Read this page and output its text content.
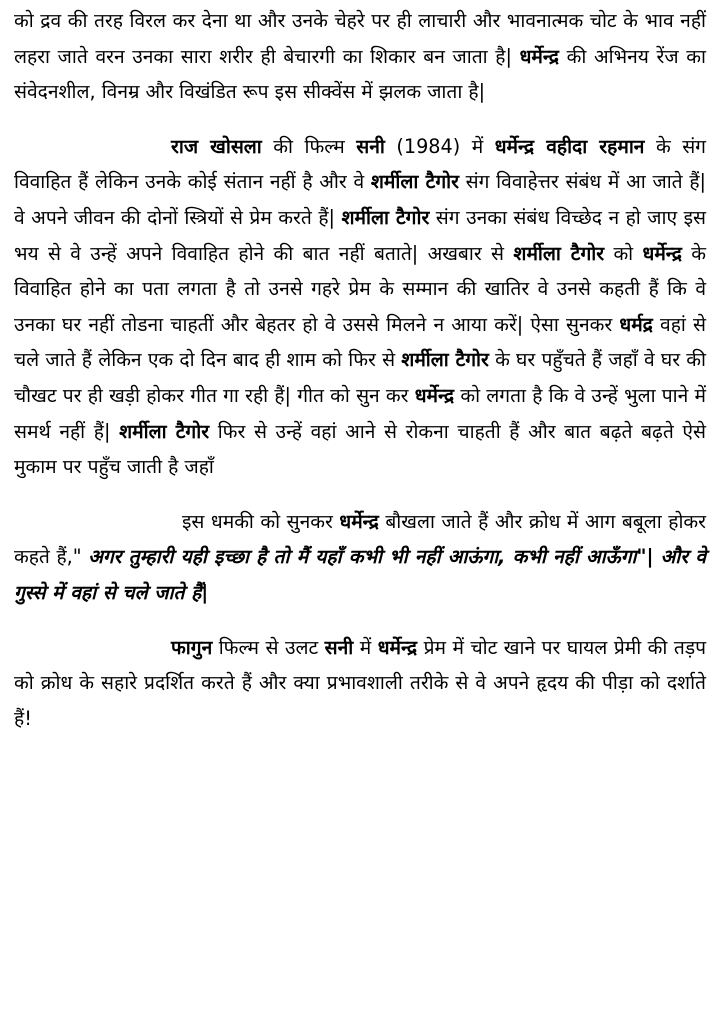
को द्रव की तरह विरल कर देना था और उनके चेहरे पर ही लाचारी और भावनात्मक चोट के भाव नहीं लहरा जाते वरन उनका सारा शरीर ही बेचारगी का शिकार बन जाता है| धर्मेन्द्र की अभिनय रेंज का संवेदनशील, विनम्र और विखंडित रूप इस सीक्वेंस में झलक जाता है|

राज खोसला की फिल्म सनी (1984) में धर्मेन्द्र वहीदा रहमान के संग विवाहित हैं लेकिन उनके कोई संतान नहीं है और वे शर्मीला टैगोर संग विवाहेत्तर संबंध में आ जाते हैं| वे अपने जीवन की दोनों स्त्रियों से प्रेम करते हैं| शर्मीला टैगोर संग उनका संबंध विच्छेद न हो जाए इस भय से वे उन्हें अपने विवाहित होने की बात नहीं बताते| अखबार से शर्मीला टैगोर को धर्मेन्द्र के विवाहित होने का पता लगता है तो उनसे गहरे प्रेम के सम्मान की खातिर वे उनसे कहती हैं कि वे उनका घर नहीं तोडना चाहतीं और बेहतर हो वे उससे मिलने न आया करें| ऐसा सुनकर धर्मद्र वहां से चले जाते हैं लेकिन एक दो दिन बाद ही शाम को फिर से शर्मीला टैगोर के घर पहुँचते हैं जहाँ वे घर की चौखट पर ही खड़ी होकर गीत गा रही हैं| गीत को सुन कर धर्मेन्द्र को लगता है कि वे उन्हें भुला पाने में समर्थ नहीं हैं| शर्मीला टैगोर फिर से उन्हें वहां आने से रोकना चाहती हैं और बात बढ़ते बढ़ते ऐसे मुकाम पर पहुँच जाती है जहाँ

इस धमकी को सुनकर धर्मेन्द्र बौखला जाते हैं और क्रोध में आग बबूला होकर कहते हैं," अगर तुम्हारी यही इच्छा है तो मैं यहाँ कभी भी नहीं आऊंगा, कभी नहीं आऊँगा"| और वे गुस्से में वहां से चले जाते हैं|

फागुन फिल्म से उलट सनी में धर्मेन्द्र प्रेम में चोट खाने पर घायल प्रेमी की तड़प को क्रोध के सहारे प्रदर्शित करते हैं और क्या प्रभावशाली तरीके से वे अपने हृदय की पीड़ा को दर्शाते हैं!
